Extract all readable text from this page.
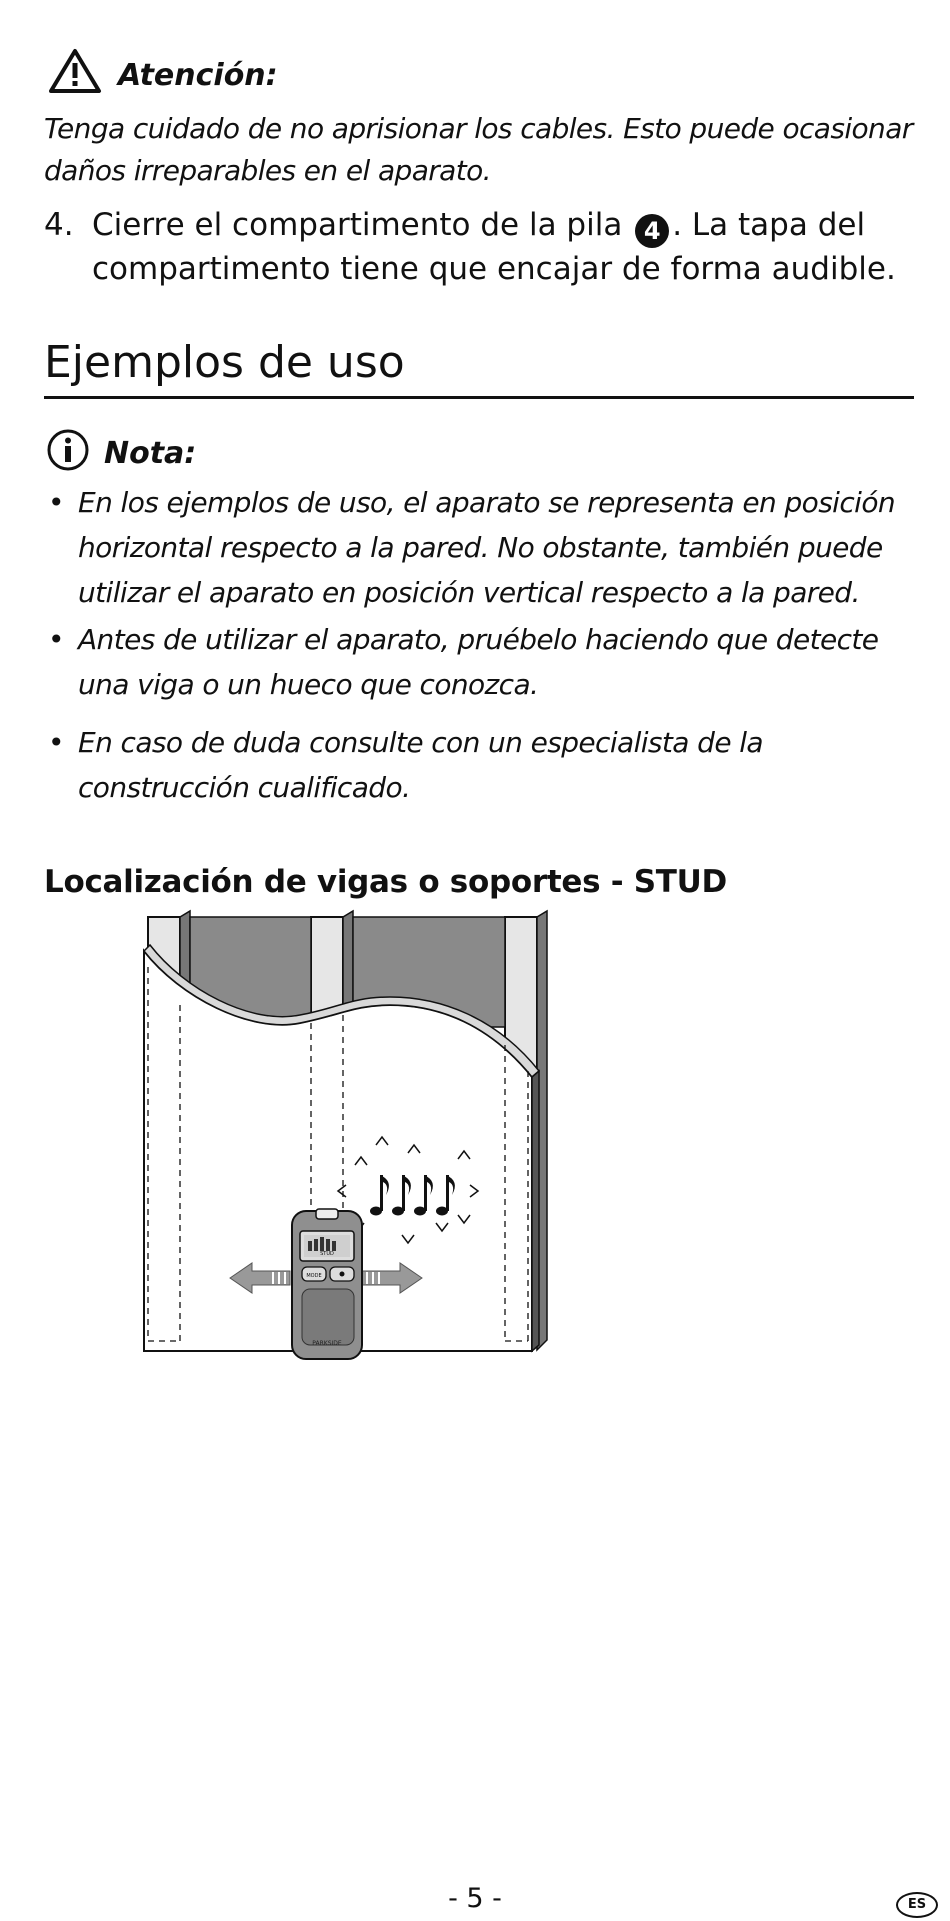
Atención:
Tenga cuidado de no aprisionar los cables. Esto puede ocasionar daños irreparables en el aparato.
4. Cierre el compartimento de la pila 4 . La tapa del compartimento tiene que encajar de forma audible.
Ejemplos de uso
Nota:
• En los ejemplos de uso, el aparato se representa en posición horizontal respecto a la pared. No obstante, también puede utilizar el aparato en posición vertical respecto a la pared.
• Antes de utilizar el aparato, pruébelo haciendo que detecte una viga o un hueco que conozca.
• En caso de duda consulte con un especialista de la construcción cualificado.
Localización de vigas o soportes - STUD
STUD
MODE
PARKSIDE
- 5 -	ES
